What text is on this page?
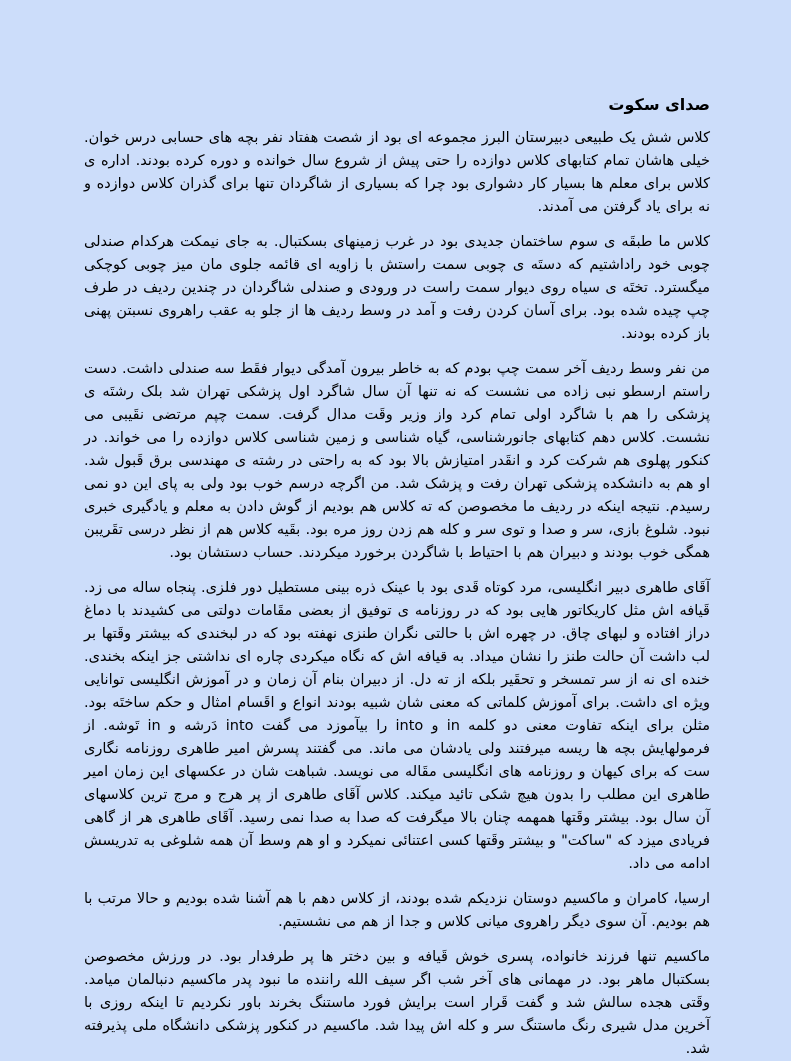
صدای سکوت

کلاس شش یک طبیعی دبیرستان البرز مجموعه ای بود از شصت هفتاد نفر بچه های حسابی درس خوان. خیلی هاشان تمام کتابهای کلاس دوازده را حتی پیش از شروع سال خوانده و دوره کرده بودند. اداره ی کلاس برای معلم ها بسیار کار دشواری بود چرا که بسیاری از شاگردان تنها برای گذران کلاس دوازده و نه برای یاد گرفتن می آمدند.

کلاس ما طبقَه ی سوم ساختمان جدیدی بود در غرب زمینهای بسکتبال. به جای نیمکت هرکدام صندلی چوبی خود راداشتیم که دستَه ی چوبی سمت راستش با زاویه ای قائمه جلوی مان میز چوبی کوچکی میگسترد. تختَه ی سیاه روی دیوار سمت راست در ورودی و صندلی شاگردان در چندین ردیف در طرف چپ چیده شده بود. برای آسان کردن رفت و آمد در وسط ردیف ها از جلو به عقب راهروی نسبتن پهنی باز کرده بودند.

من نفر وسط ردیف آخر سمت چپ بودم که به خاطر بیرون آمدگی دیوار فقَط سه صندلی داشت. دست راستم ارسطو نبی زاده می نشست که نه تنها آن سال شاگرد اول پزشکی تهران شد بلک رشتَه ی پزشکی را هم با شاگرد اولی تمام کرد واز وزیر وقَت مدال گرفت. سمت چپم مرتضی نقَیبی می نشست. کلاس دهم کتابهای جانورشناسی، گیاه شناسی و زمین شناسی کلاس دوازده را می خواند. در کنکور پهلوی هم شرکت کرد و انقَدر امتیازش بالا بود که به راحتی در رشته ی مهندسی برق قَبول شد. او هم به دانشکده پزشکی تهران رفت و پزشک شد. من اگرچه درسم خوب بود ولی به پای این دو نمی رسیدم. نتیجه اینکه در ردیف ما مخصوصن که ته کلاس هم بودیم از گوش دادن به معلم و یادگیری خبری نبود. شلوغ بازی، سر و صدا و توی سر و کله هم زدن روز مره بود. بقَیه کلاس هم از نظر درسی تقَریبن همگی خوب بودند و دبیران هم با احتیاط با شاگردن برخورد میکردند. حساب دستشان بود.

آقَای طاهری دبیر انگلیسی، مرد کوتاه قَدی بود با عینک ذره بینی مستطیل دور فلزی. پنجاه ساله می زد. قَیافه اش مثل کاریکاتور هایی بود که در روزنامه ی توفیق از بعضی مقَامات دولتی می کشیدند با دماغ دراز افتاده و لبهای چاق. در چهره اش با حالتی نگران طنزی نهفته بود که در لبخندی که بیشتر وقَتها بر لب داشت آن حالت طنز را نشان میداد. به قیافه اش که نگاه میکردی چاره ای نداشتی جز اینکه بخندی. خنده ای نه از سر تمسخر و تحقَیر بلکه از ته دل. از دبیران بنام آن زمان و در آموزش انگلیسی توانایی ویژه ای داشت. برای آموزش کلماتی که معنی شان شبیه بودند انواع و اقَسام امثال و حکم ساختَه بود. مثلن برای اینکه تفاوت معنی دو کلمه in و into را بیآموزد می گفت into دَرشه و in تَوشه. از فرمولهایش بچه ها ریسه میرفتند ولی یادشان می ماند. می گفتند پسرش امیر طاهری روزنامه نگاری ست که برای کیهان و روزنامه های انگلیسی مقَاله می نویسد. شباهت شان در عکسهای این زمان امیر طاهری این مطلب را بدون هیچ شکی تائید میکند. کلاس آقَای طاهری از پر هرج و مرج ترین کلاسهای آن سال بود. بیشتر وقَتها همهمه چنان بالا میگرفت که صدا به صدا نمی رسید. آقَای طاهری هر از گاهی فریادی میزد که "ساکت" و بیشتر وقَتها کسی اعتنائی نمیکرد و او هم وسط آن همه شلوغی به تدریسش ادامه می داد.

ارسیا، کامران و ماکسیم دوستان نزدیکم شده بودند، از کلاس دهم با هم آشنا شده بودیم و حالا مرتب با هم بودیم. آن سوی دیگر راهروی میانی کلاس و جدا از هم می نشستیم.

ماکسیم تنها فرزند خانواده، پسری خوش قَیافه و بین دختر ها پر طرفدار بود. در ورزش مخصوصن بسکتبال ماهر بود. در مهمانی های آخر شب اگر سیف الله راننده ما نبود پدر ماکسیم دنبالمان میامد. وقَتی هجده سالش شد و گفت قَرار است برایش فورد ماستنگ بخرند باور نکردیم تا اینکه روزی با آخرین مدل شیری رنگ ماستنگ سر و کله اش پیدا شد. ماکسیم در کنکور پزشکی دانشگاه ملی پذیرفته شد.
